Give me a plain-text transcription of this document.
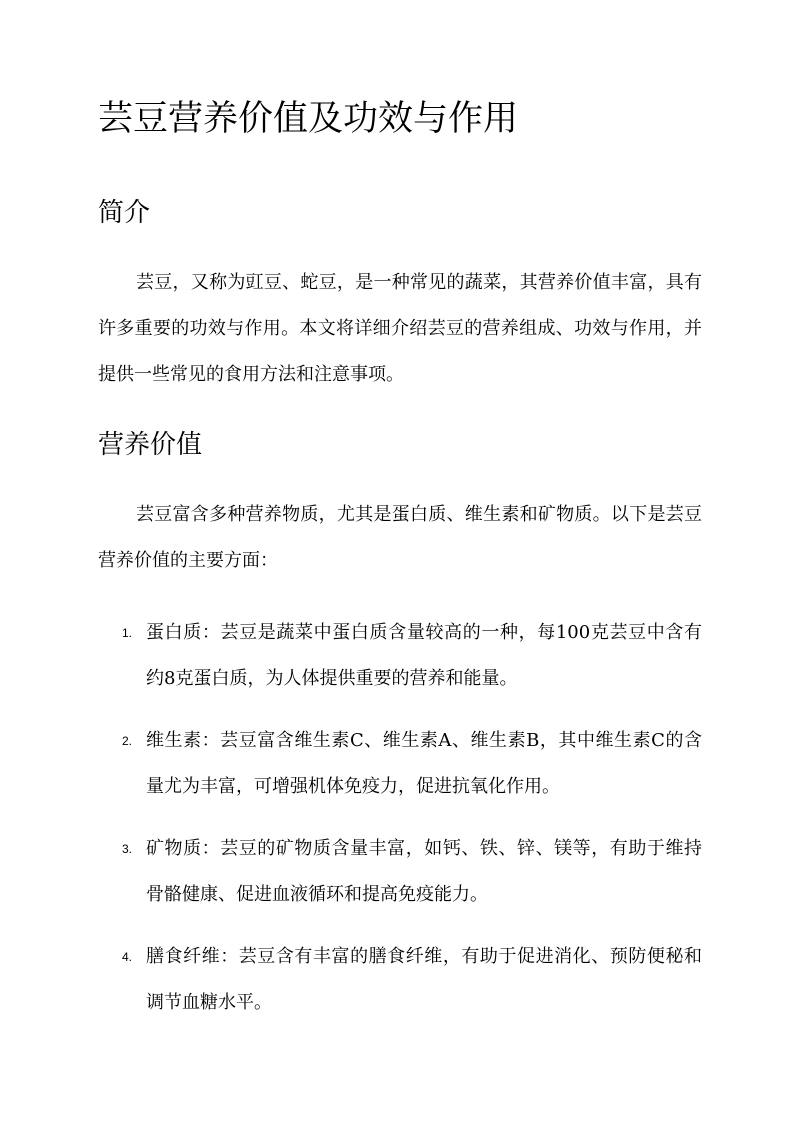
芸豆营养价值及功效与作用
简介

芸豆，又称为豇豆、蛇豆，是一种常见的蔬菜，其营养价值丰富，具有许多重要的功效与作用。本文将详细介绍芸豆的营养组成、功效与作用，并提供一些常见的食用方法和注意事项。

营养价值

芸豆富含多种营养物质，尤其是蛋白质、维生素和矿物质。以下是芸豆营养价值的主要方面：

1. 蛋白质：芸豆是蔬菜中蛋白质含量较高的一种，每100克芸豆中含有约8克蛋白质，为人体提供重要的营养和能量。
2. 维生素：芸豆富含维生素C、维生素A、维生素B，其中维生素C的含量尤为丰富，可增强机体免疫力，促进抗氧化作用。
3. 矿物质：芸豆的矿物质含量丰富，如钙、铁、锌、镁等，有助于维持骨骼健康、促进血液循环和提高免疫能力。
4. 膳食纤维：芸豆含有丰富的膳食纤维，有助于促进消化、预防便秘和调节血糖水平。
